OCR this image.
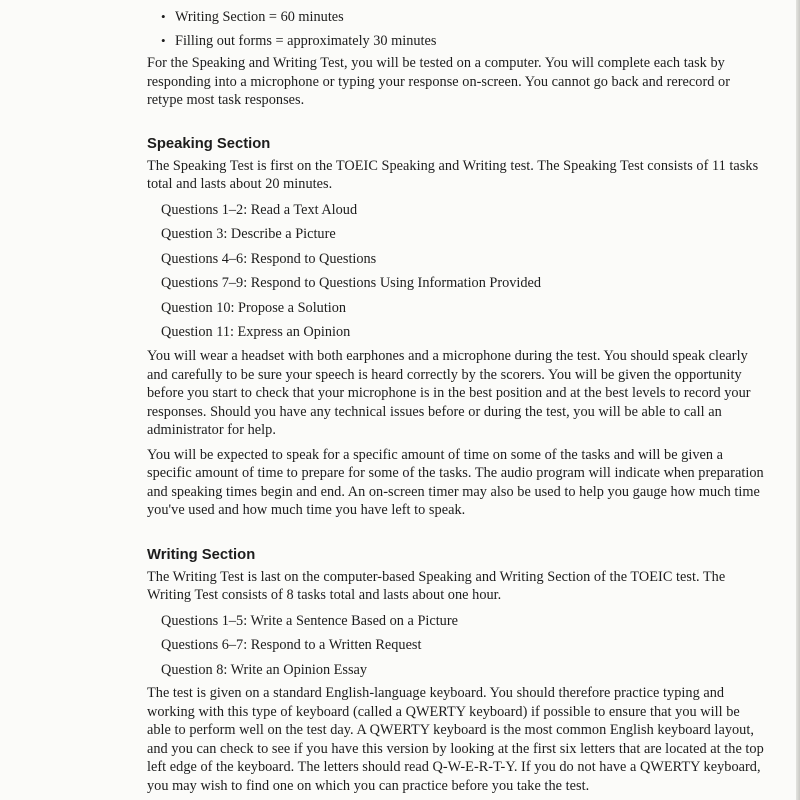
• Writing Section = 60 minutes
• Filling out forms = approximately 30 minutes

For the Speaking and Writing Test, you will be tested on a computer. You will complete each task by responding into a microphone or typing your response on-screen. You cannot go back and rerecord or retype most task responses.

Speaking Section

The Speaking Test is first on the TOEIC Speaking and Writing test. The Speaking Test consists of 11 tasks total and lasts about 20 minutes.

Questions 1–2: Read a Text Aloud
Question 3: Describe a Picture
Questions 4–6: Respond to Questions
Questions 7–9: Respond to Questions Using Information Provided
Question 10: Propose a Solution
Question 11: Express an Opinion

You will wear a headset with both earphones and a microphone during the test. You should speak clearly and carefully to be sure your speech is heard correctly by the scorers. You will be given the opportunity before you start to check that your microphone is in the best position and at the best levels to record your responses. Should you have any technical issues before or during the test, you will be able to call an administrator for help.

You will be expected to speak for a specific amount of time on some of the tasks and will be given a specific amount of time to prepare for some of the tasks. The audio program will indicate when preparation and speaking times begin and end. An on-screen timer may also be used to help you gauge how much time you've used and how much time you have left to speak.

Writing Section

The Writing Test is last on the computer-based Speaking and Writing Section of the TOEIC test. The Writing Test consists of 8 tasks total and lasts about one hour.

Questions 1–5: Write a Sentence Based on a Picture
Questions 6–7: Respond to a Written Request
Question 8: Write an Opinion Essay

The test is given on a standard English-language keyboard. You should therefore practice typing and working with this type of keyboard (called a QWERTY keyboard) if possible to ensure that you will be able to perform well on the test day. A QWERTY keyboard is the most common English keyboard layout, and you can check to see if you have this version by looking at the first six letters that are located at the top left edge of the keyboard. The letters should read Q-W-E-R-T-Y. If you do not have a QWERTY keyboard, you may wish to find one on which you can practice before you take the test.
